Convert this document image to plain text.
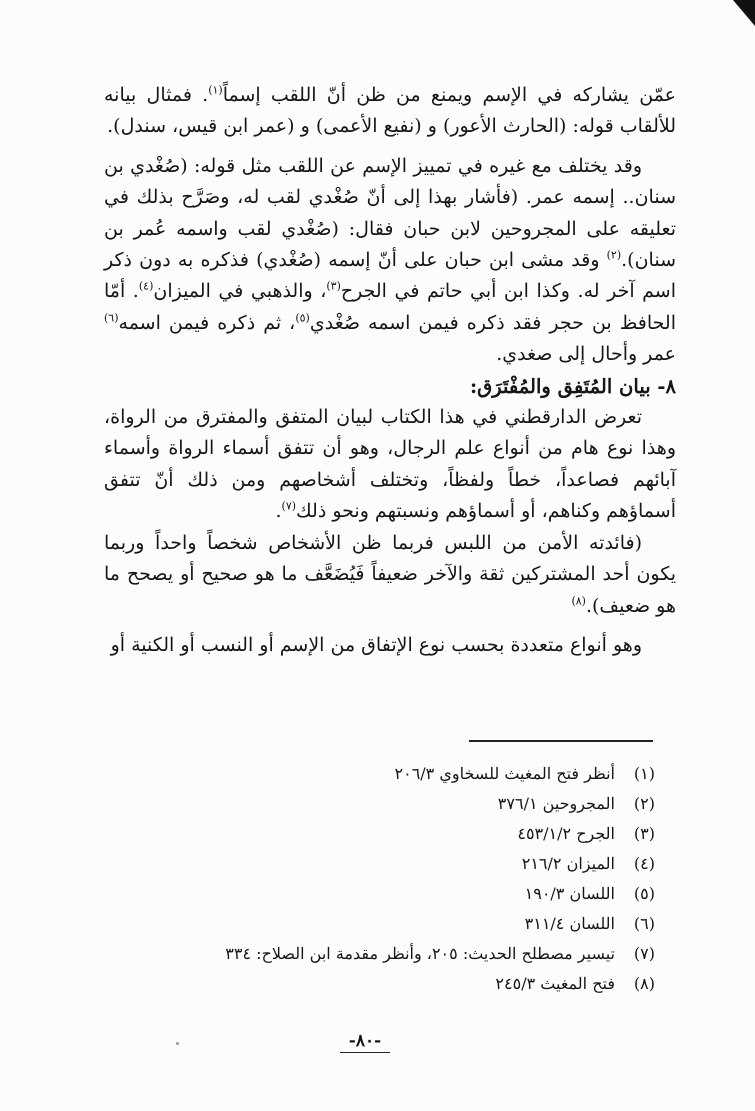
عمّن يشاركه في الإسم ويمنع من ظن أنّ اللقب إسماً$^{(١)}$. فمثال بيانه للألقاب قوله: (الحارث الأعور) و (نفيع الأعمى) و (عمر ابن قيس، سندل).

وقد يختلف مع غيره في تمييز الإسم عن اللقب مثل قوله: (صُغْدي بن سنان.. إسمه عمر. (فأشار بهذا إلى أنّ صُغْدي لقب له، وصَرَّح بذلك في تعليقه على المجروحين لابن حبان فقال: (صُغْدي لقب واسمه عُمر بن سنان).$^{(٢)}$ وقد مشى ابن حبان على أنّ إسمه (صُغْدي) فذكره به دون ذكر اسم آخر له. وكذا ابن أبي حاتم في الجرح$^{(٣)}$، والذهبي في الميزان$^{(٤)}$. أمّا الحافظ بن حجر فقد ذكره فيمن اسمه صُغْدي$^{(٥)}$، ثم ذكره فيمن اسمه$^{(٦)}$ عمر وأحال إلى صغدي.

٨- بيان المُتَفِق والمُفْتَرَق:

تعرض الدارقطني في هذا الكتاب لبيان المتفق والمفترق من الرواة، وهذا نوع هام من أنواع علم الرجال، وهو أن تتفق أسماء الرواة وأسماء آبائهم فصاعداً، خطاً ولفظاً، وتختلف أشخاصهم ومن ذلك أنّ تتفق أسماؤهم وكناهم، أو أسماؤهم ونسبتهم ونحو ذلك$^{(٧)}$.

(فائدته الأمن من اللبس فربما ظن الأشخاص شخصاً واحداً وربما يكون أحد المشتركين ثقة والآخر ضعيفاً فَيُضَعَّف ما هو صحيح أو يصحح ما هو ضعيف).$^{(٨)}$

وهو أنواع متعددة بحسب نوع الإتفاق من الإسم أو النسب أو الكنية أو

(١)
أنظر فتح المغيث للسخاوي ٢٠٦/٣
(٢)
المجروحين ٣٧٦/١
(٣)
الجرح ٤٥٣/١/٢
(٤)
الميزان ٢١٦/٢
(٥)
اللسان ١٩٠/٣
(٦)
اللسان ٣١١/٤
(٧)
تيسير مصطلح الحديث: ٢٠٥، وأنظر مقدمة ابن الصلاح: ٣٣٤
(٨)
فتح المغيث ٢٤٥/٣
-٨٠-
